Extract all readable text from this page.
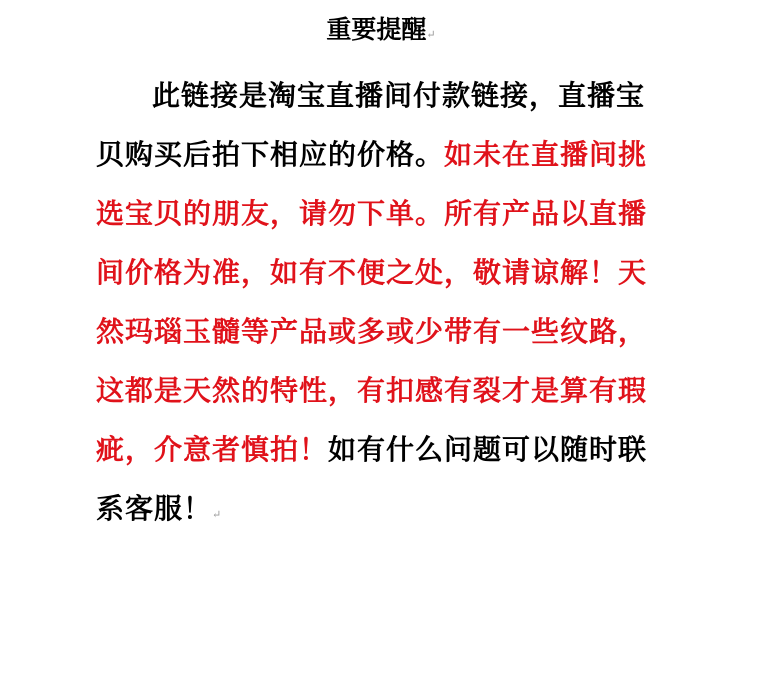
重要提醒↵
此链接是淘宝直播间付款链接，直播宝
贝购买后拍下相应的价格。如未在直播间挑
选宝贝的朋友，请勿下单。所有产品以直播
间价格为准，如有不便之处，敬请谅解！天
然玛瑙玉髓等产品或多或少带有一些纹路，
这都是天然的特性，有扣感有裂才是算有瑕
疵，介意者慎拍！如有什么问题可以随时联
系客服！↵
